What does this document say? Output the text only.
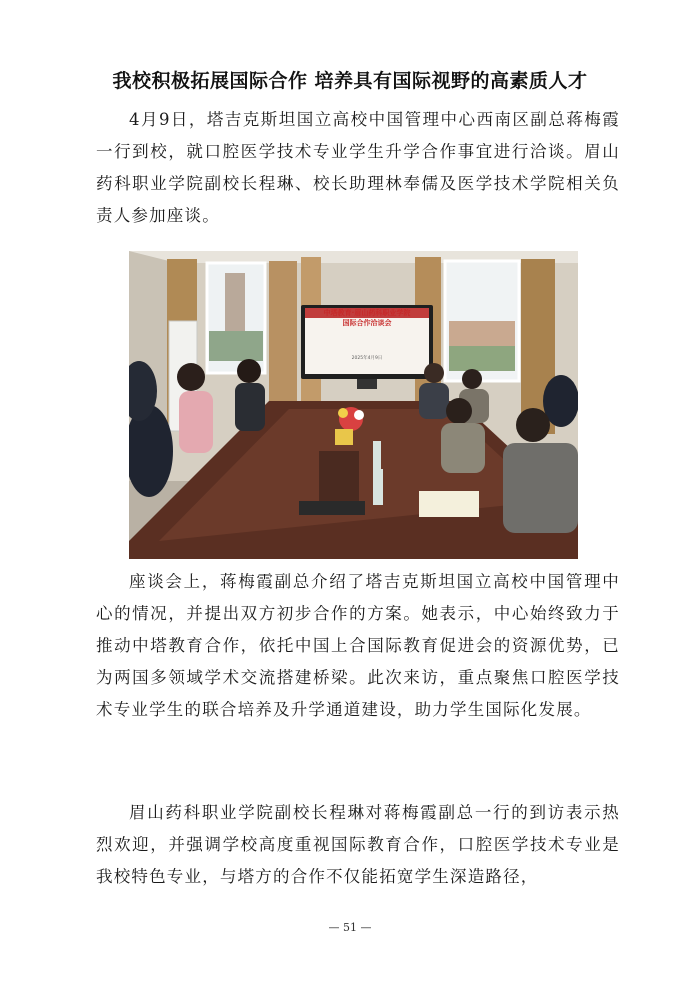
我校积极拓展国际合作 培养具有国际视野的高素质人才

4月9日，塔吉克斯坦国立高校中国管理中心西南区副总蒋梅霞一行到校，就口腔医学技术专业学生升学合作事宜进行洽谈。眉山药科职业学院副校长程琳、校长助理林奉儒及医学技术学院相关负责人参加座谈。

中塔教育·眉山药科职业学院
国际合作洽谈会
2025年4月9日

座谈会上，蒋梅霞副总介绍了塔吉克斯坦国立高校中国管理中心的情况，并提出双方初步合作的方案。她表示，中心始终致力于推动中塔教育合作，依托中国上合国际教育促进会的资源优势，已为两国多领域学术交流搭建桥梁。此次来访，重点聚焦口腔医学技术专业学生的联合培养及升学通道建设，助力学生国际化发展。

眉山药科职业学院副校长程琳对蒋梅霞副总一行的到访表示热烈欢迎，并强调学校高度重视国际教育合作，口腔医学技术专业是我校特色专业，与塔方的合作不仅能拓宽学生深造路径，

— 51 —
